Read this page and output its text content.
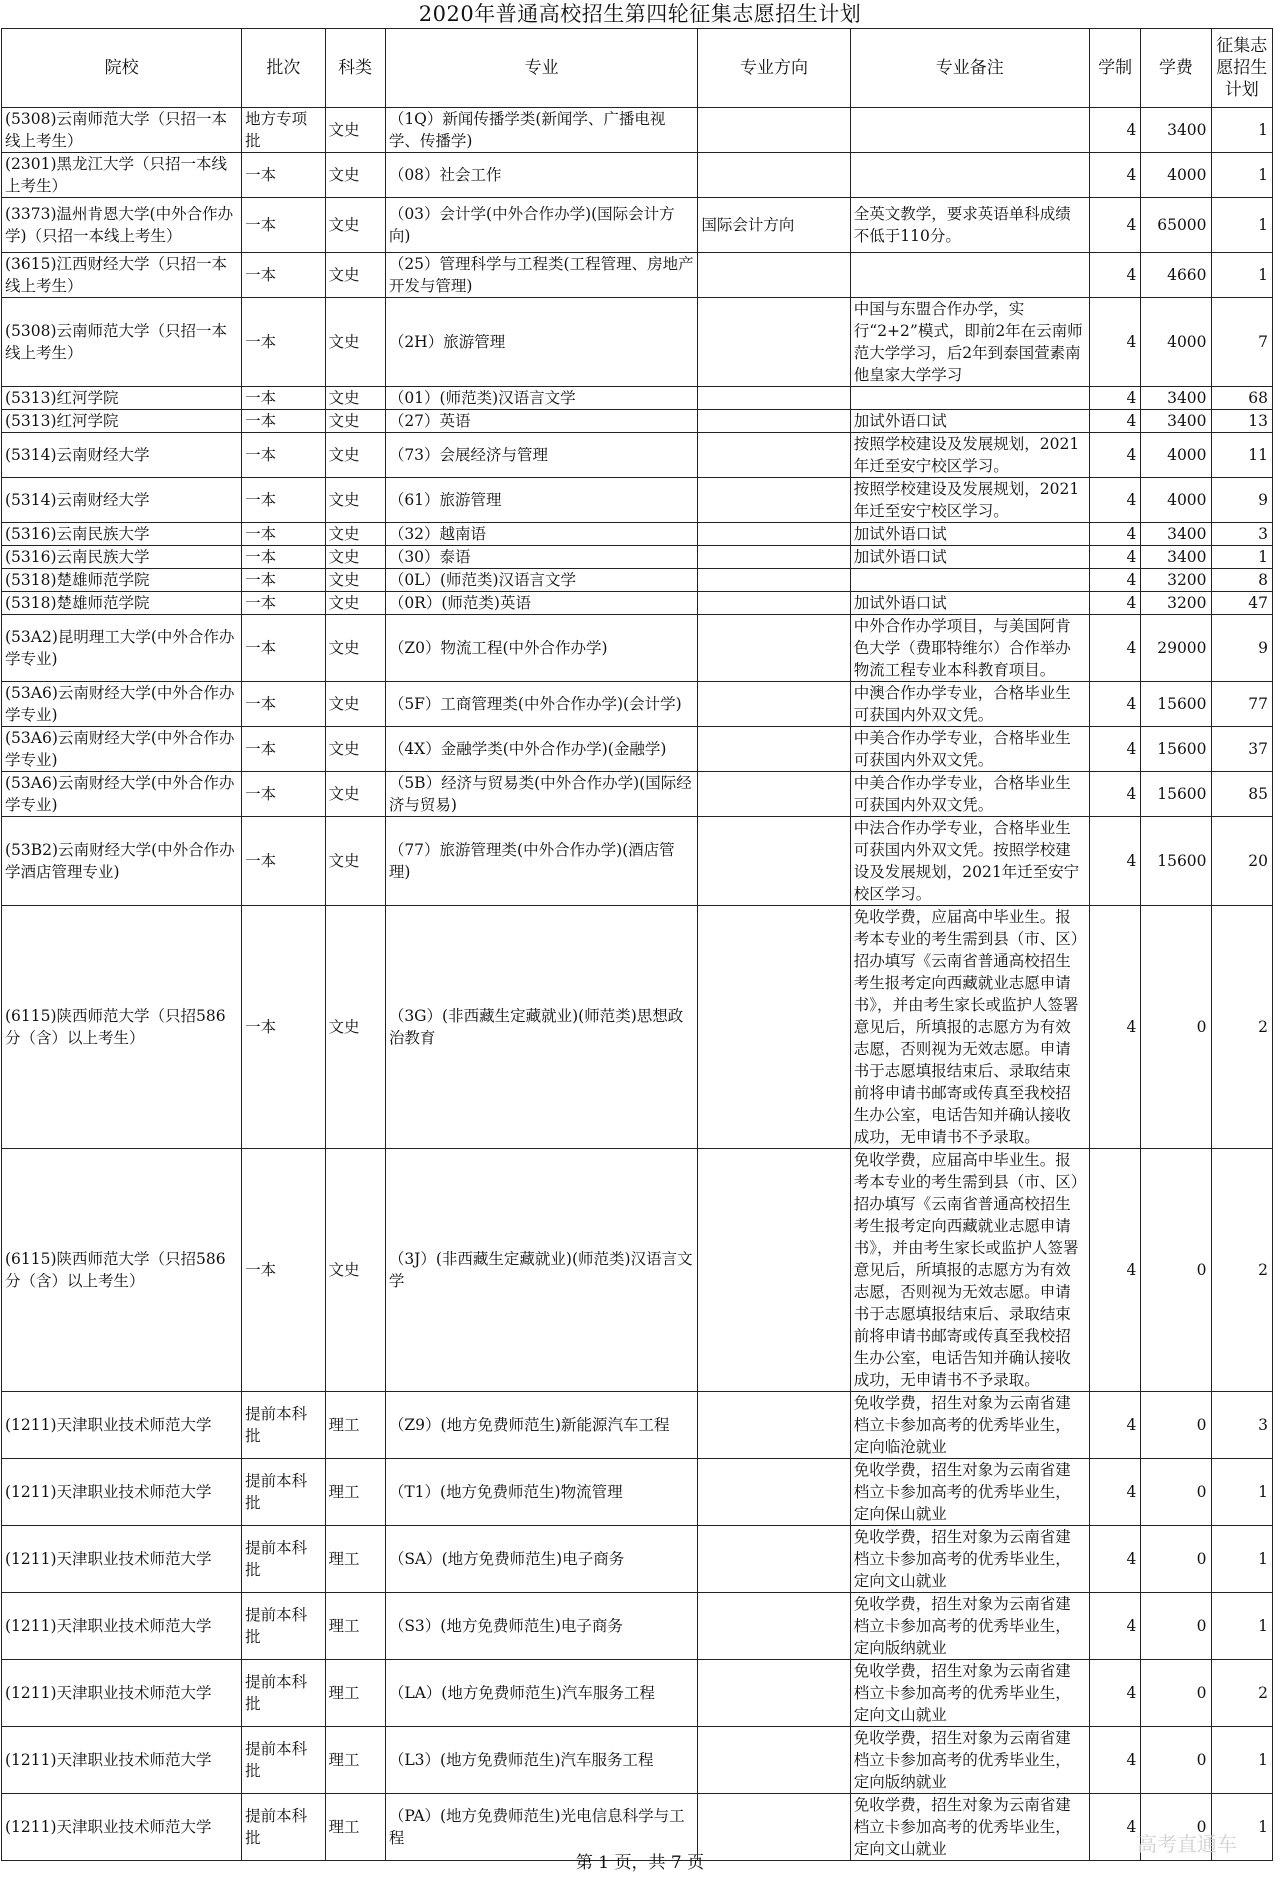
2020年普通高校招生第四轮征集志愿招生计划
院校	批次	科类	专业	专业方向	专业备注	学制	学费	征集志愿招生计划
(5308)云南师范大学（只招一本线上考生）	地方专项批	文史	（1Q）新闻传播学类(新闻学、广播电视学、传播学)			4	3400	1
(2301)黑龙江大学（只招一本线上考生）	一本	文史	（08）社会工作			4	4000	1
(3373)温州肯恩大学(中外合作办学)（只招一本线上考生）	一本	文史	（03）会计学(中外合作办学)(国际会计方向)	国际会计方向	全英文教学，要求英语单科成绩不低于110分。	4	65000	1
(3615)江西财经大学（只招一本线上考生）	一本	文史	（25）管理科学与工程类(工程管理、房地产开发与管理)			4	4660	1
(5308)云南师范大学（只招一本线上考生）	一本	文史	（2H）旅游管理		中国与东盟合作办学，实行“2+2”模式，即前2年在云南师范大学学习，后2年到泰国萱素南他皇家大学学习	4	4000	7
(5313)红河学院	一本	文史	（01）(师范类)汉语言文学			4	3400	68
(5313)红河学院	一本	文史	（27）英语		加试外语口试	4	3400	13
(5314)云南财经大学	一本	文史	（73）会展经济与管理		按照学校建设及发展规划，2021年迁至安宁校区学习。	4	4000	11
(5314)云南财经大学	一本	文史	（61）旅游管理		按照学校建设及发展规划，2021年迁至安宁校区学习。	4	4000	9
(5316)云南民族大学	一本	文史	（32）越南语		加试外语口试	4	3400	3
(5316)云南民族大学	一本	文史	（30）泰语		加试外语口试	4	3400	1
(5318)楚雄师范学院	一本	文史	（0L）(师范类)汉语言文学			4	3200	8
(5318)楚雄师范学院	一本	文史	（0R）(师范类)英语		加试外语口试	4	3200	47
(53A2)昆明理工大学(中外合作办学专业)	一本	文史	（Z0）物流工程(中外合作办学)		中外合作办学项目，与美国阿肯色大学（费耶特维尔）合作举办物流工程专业本科教育项目。	4	29000	9
(53A6)云南财经大学(中外合作办学专业)	一本	文史	（5F）工商管理类(中外合作办学)(会计学)		中澳合作办学专业，合格毕业生可获国内外双文凭。	4	15600	77
(53A6)云南财经大学(中外合作办学专业)	一本	文史	（4X）金融学类(中外合作办学)(金融学)		中美合作办学专业，合格毕业生可获国内外双文凭。	4	15600	37
(53A6)云南财经大学(中外合作办学专业)	一本	文史	（5B）经济与贸易类(中外合作办学)(国际经济与贸易)		中美合作办学专业，合格毕业生可获国内外双文凭。	4	15600	85
(53B2)云南财经大学(中外合作办学酒店管理专业)	一本	文史	（77）旅游管理类(中外合作办学)(酒店管理)		中法合作办学专业，合格毕业生可获国内外双文凭。按照学校建设及发展规划，2021年迁至安宁校区学习。	4	15600	20
(6115)陕西师范大学（只招586分（含）以上考生）	一本	文史	（3G）(非西藏生定藏就业)(师范类)思想政治教育		免收学费，应届高中毕业生。报考本专业的考生需到县（市、区）招办填写《云南省普通高校招生考生报考定向西藏就业志愿申请书》，并由考生家长或监护人签署意见后，所填报的志愿方为有效志愿，否则视为无效志愿。申请书于志愿填报结束后、录取结束前将申请书邮寄或传真至我校招生办公室，电话告知并确认接收成功，无申请书不予录取。	4	0	2
(6115)陕西师范大学（只招586分（含）以上考生）	一本	文史	（3J）(非西藏生定藏就业)(师范类)汉语言文学		免收学费，应届高中毕业生。报考本专业的考生需到县（市、区）招办填写《云南省普通高校招生考生报考定向西藏就业志愿申请书》，并由考生家长或监护人签署意见后，所填报的志愿方为有效志愿，否则视为无效志愿。申请书于志愿填报结束后、录取结束前将申请书邮寄或传真至我校招生办公室，电话告知并确认接收成功，无申请书不予录取。	4	0	2
(1211)天津职业技术师范大学	提前本科批	理工	（Z9）(地方免费师范生)新能源汽车工程		免收学费，招生对象为云南省建档立卡参加高考的优秀毕业生，定向临沧就业	4	0	3
(1211)天津职业技术师范大学	提前本科批	理工	（T1）(地方免费师范生)物流管理		免收学费，招生对象为云南省建档立卡参加高考的优秀毕业生，定向保山就业	4	0	1
(1211)天津职业技术师范大学	提前本科批	理工	（SA）(地方免费师范生)电子商务		免收学费，招生对象为云南省建档立卡参加高考的优秀毕业生，定向文山就业	4	0	1
(1211)天津职业技术师范大学	提前本科批	理工	（S3）(地方免费师范生)电子商务		免收学费，招生对象为云南省建档立卡参加高考的优秀毕业生，定向版纳就业	4	0	1
(1211)天津职业技术师范大学	提前本科批	理工	（LA）(地方免费师范生)汽车服务工程		免收学费，招生对象为云南省建档立卡参加高考的优秀毕业生，定向文山就业	4	0	2
(1211)天津职业技术师范大学	提前本科批	理工	（L3）(地方免费师范生)汽车服务工程		免收学费，招生对象为云南省建档立卡参加高考的优秀毕业生，定向版纳就业	4	0	1
(1211)天津职业技术师范大学	提前本科批	理工	（PA）(地方免费师范生)光电信息科学与工程		免收学费，招生对象为云南省建档立卡参加高考的优秀毕业生，定向文山就业	4	0	1
高考直通车
第 1 页，共 7 页
